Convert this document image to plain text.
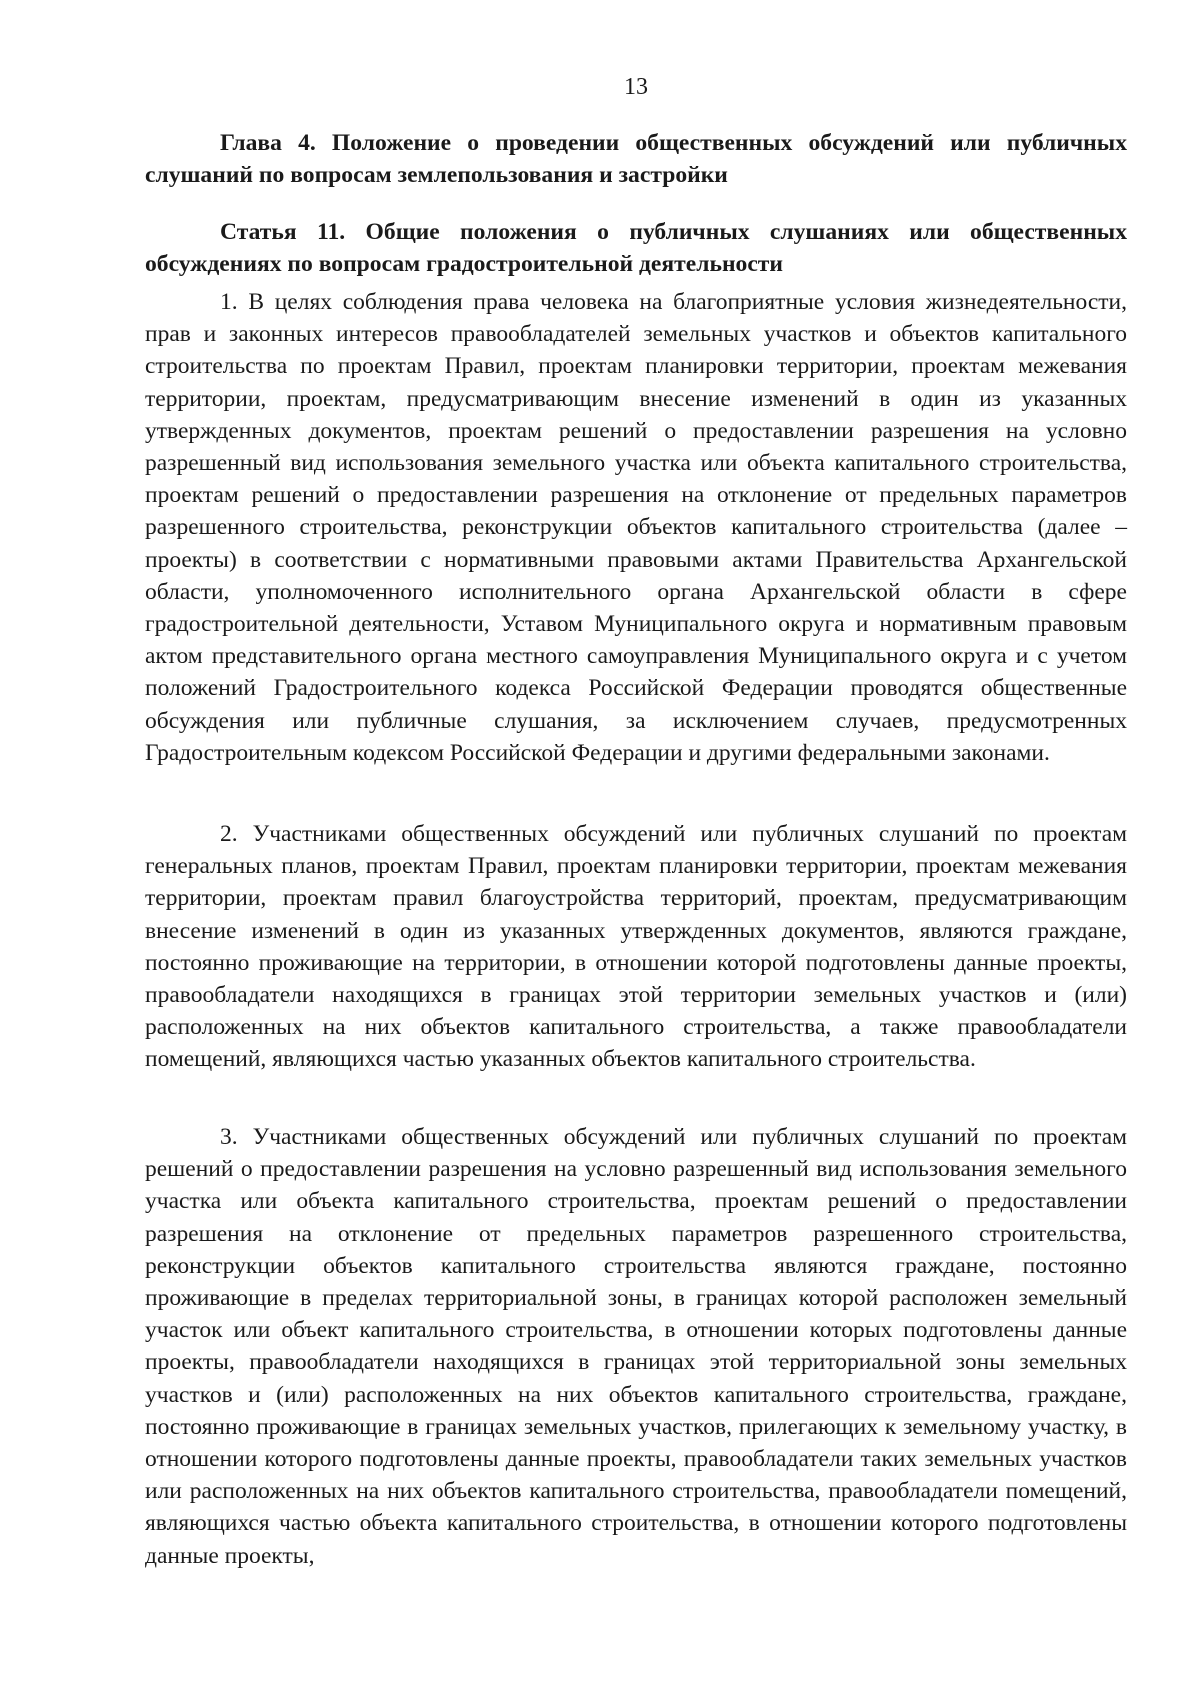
13
Глава 4. Положение о проведении общественных обсуждений или публичных слушаний по вопросам землепользования и застройки
Статья 11. Общие положения о публичных слушаниях или общественных обсуждениях по вопросам градостроительной деятельности

1. В целях соблюдения права человека на благоприятные условия жизнедеятельности, прав и законных интересов правообладателей земельных участков и объектов капитального строительства по проектам Правил, проектам планировки территории, проектам межевания территории, проектам, предусматривающим внесение изменений в один из указанных утвержденных документов, проектам решений о предоставлении разрешения на условно разрешенный вид использования земельного участка или объекта капитального строительства, проектам решений о предоставлении разрешения на отклонение от предельных параметров разрешенного строительства, реконструкции объектов капитального строительства (далее – проекты) в соответствии с нормативными правовыми актами Правительства Архангельской области, уполномоченного исполнительного органа Архангельской области в сфере градостроительной деятельности, Уставом Муниципального округа и нормативным правовым актом представительного органа местного самоуправления Муниципального округа и с учетом положений Градостроительного кодекса Российской Федерации проводятся общественные обсуждения или публичные слушания, за исключением случаев, предусмотренных Градостроительным кодексом Российской Федерации и другими федеральными законами.

2. Участниками общественных обсуждений или публичных слушаний по проектам генеральных планов, проектам Правил, проектам планировки территории, проектам межевания территории, проектам правил благоустройства территорий, проектам, предусматривающим внесение изменений в один из указанных утвержденных документов, являются граждане, постоянно проживающие на территории, в отношении которой подготовлены данные проекты, правообладатели находящихся в границах этой территории земельных участков и (или) расположенных на них объектов капитального строительства, а также правообладатели помещений, являющихся частью указанных объектов капитального строительства.

3. Участниками общественных обсуждений или публичных слушаний по проектам решений о предоставлении разрешения на условно разрешенный вид использования земельного участка или объекта капитального строительства, проектам решений о предоставлении разрешения на отклонение от предельных параметров разрешенного строительства, реконструкции объектов капитального строительства являются граждане, постоянно проживающие в пределах территориальной зоны, в границах которой расположен земельный участок или объект капитального строительства, в отношении которых подготовлены данные проекты, правообладатели находящихся в границах этой территориальной зоны земельных участков и (или) расположенных на них объектов капитального строительства, граждане, постоянно проживающие в границах земельных участков, прилегающих к земельному участку, в отношении которого подготовлены данные проекты, правообладатели таких земельных участков или расположенных на них объектов капитального строительства, правообладатели помещений, являющихся частью объекта капитального строительства, в отношении которого подготовлены данные проекты,
